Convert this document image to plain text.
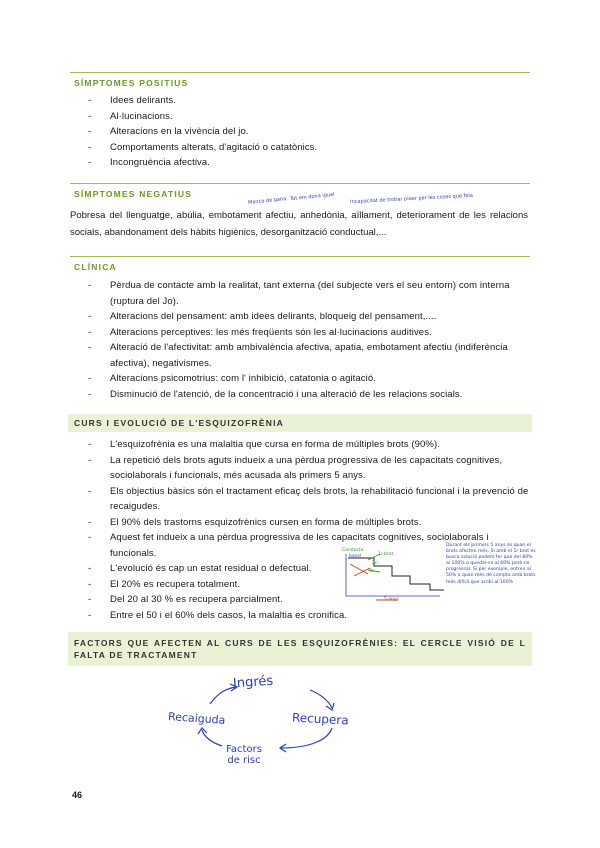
SÍMPTOMES POSITIUS
- Idees delirants.
- Al·lucinacions.
- Alteracions en la vivència del jo.
- Comportaments alterats, d'agitació o catatònics.
- Incongruència afectiva.
SÍMPTOMES NEGATIUS
Manca de gana Tot em dona igual	Incapacitat de trobar plaer per les coses que feia
Pobresa del llenguatge, abúlia, embotament afectiu, anhedònia, aïllament, deteriorament de les relacions socials, abandonament dels hàbits higiènics, desorganització conductual,...
CLÍNICA
- Pèrdua de contacte amb la realitat, tant externa (del subjecte vers el seu entorn) com interna (ruptura del Jo).
- Alteracions del pensament: amb idees delirants, bloqueig del pensament,....
- Alteracions perceptives: les més freqüents són les al·lucinacions auditives.
- Alteració de l'afectivitat: amb ambivalència afectiva, apatia, embotament afectiu (indiferència afectiva), negativismes.
- Alteracions psicomotrius: com l' inhibició, catatonia o agitació.
- Disminució de l'atenció, de la concentració i una alteració de les relacions socials.
CURS I EVOLUCIÓ DE L'ESQUIZOFRÈNIA
- L'esquizofrènia es una malaltia que cursa en forma de múltiples brots (90%).
- La repetició dels brots aguts indueix a una pèrdua progressiva de les capacitats cognitives, sociolaborals i funcionals, més acusada als primers 5 anys.
- Els objectius bàsics són el tractament eficaç dels brots, la rehabilitació funcional i la prevenció de recaigudes.
- El 90% dels trastorns esquizofrènics cursen en forma de múltiples brots.
- Aquest fet indueix a una pèrdua progressiva de les capacitats cognitives, sociolaborals i funcionals.
- L'evolució és cap un estat residual o defectual.
- El 20% es recupera totalment.
- Del 20 al 30 % es recupera parcialment.
- Entre el 50 i el 60% dels casos, la malaltia es cronifica.
Conducta
basal	1r brot
2n
3r
5 anys
Durant els primers 5 anys és quan el brots afecten més. Si amb el 1r brot es busca solució podem fer que del 80% al 100% o quedar-se al 60% però no progressar. Si per exemple, entren al 50% o quan més de compta amb brots més difícil que arribi al 100%
FACTORS QUE AFECTEN AL CURS DE LES ESQUIZOFRÈNIES: EL CERCLE VISIÓ DE L FALTA DE TRACTAMENT
Ingrés
Recupera
Factors de risc
Recaiguda
46
